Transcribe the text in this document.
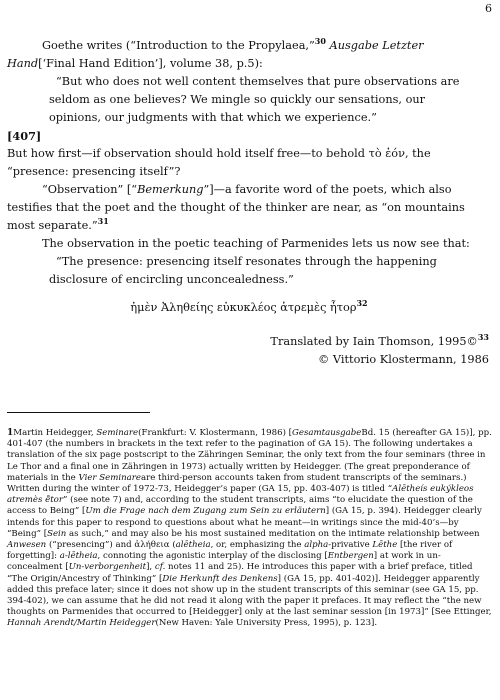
6

Goethe writes (“Introduction to the Propylaea,”$^{30}$ Ausgabe Letzter Hand[‘Final Hand Edition’], volume 38, p.5):

“But who does not well content themselves that pure observations are seldom as one believes? We mingle so quickly our sensations, our opinions, our judgments with that which we experience.”

[407]

But how first—if observation should hold itself free—to behold τὸ ἐόν, the “presence: presencing itself”?

“Observation” [“Bemerkung”]—a favorite word of the poets, which also testifies that the poet and the thought of the thinker are near, as “on mountains most separate.”$^{31}$

The observation in the poetic teaching of Parmenides lets us now see that:

“The presence: presencing itself resonates through the happening disclosure of encircling unconcealedness.”

ἠμὲν Ἀληθείης εὐκυκλέος ἀτρεμὲς ἦτορ$^{32}$

Translated by Iain Thomson, 1995©$^{33}$

© Vittorio Klostermann, 1986

1Martin Heidegger, Seminare(Frankfurt: V. Klostermann, 1986) [GesamtausgabeBd. 15 (hereafter GA 15)], pp. 401-407 (the numbers in brackets in the text refer to the pagination of GA 15). The following undertakes a translation of the six page postscript to the Zähringen Seminar, the only text from the four seminars (three in Le Thor and a final one in Zähringen in 1973) actually written by Heidegger. (The great preponderance of materials in the Vier Seminareare third-person accounts taken from student transcripts of the seminars.) Written during the winter of 1972-73, Heidegger’s paper (GA 15, pp. 403-407) is titled “Alētheís eukýkleos atremès ē̂tor” (see note 7) and, according to the student transcripts, aims “to elucidate the question of the access to Being” [Um die Frage nach dem Zugang zum Sein zu erläutern] (GA 15, p. 394). Heidegger clearly intends for this paper to respond to questions about what he meant—in writings since the mid-40’s—by “Being” [Sein as such,” and may also be his most sustained meditation on the intimate relationship between Anwesen (“presencing”) and ἀλήθεια (alētheia, or, emphasizing the alpha-privative Lēthe [the river of forgetting]: a-lētheia, connoting the agonistic interplay of the disclosing [Entbergen] at work in un-concealment [Un-verborgenheit], cf. notes 11 and 25). He introduces this paper with a brief preface, titled “The Origin/Ancestry of Thinking” [Die Herkunft des Denkens] (GA 15, pp. 401-402)]. Heidegger apparently added this preface later; since it does not show up in the student transcripts of this seminar (see GA 15, pp. 394-402), we can assume that he did not read it along with the paper it prefaces. It may reflect the “the new thoughts on Parmenides that occurred to [Heidegger] only at the last seminar session [in 1973]” [See Ettinger, Hannah Arendt/Martin Heidegger(New Haven: Yale University Press, 1995), p. 123].
